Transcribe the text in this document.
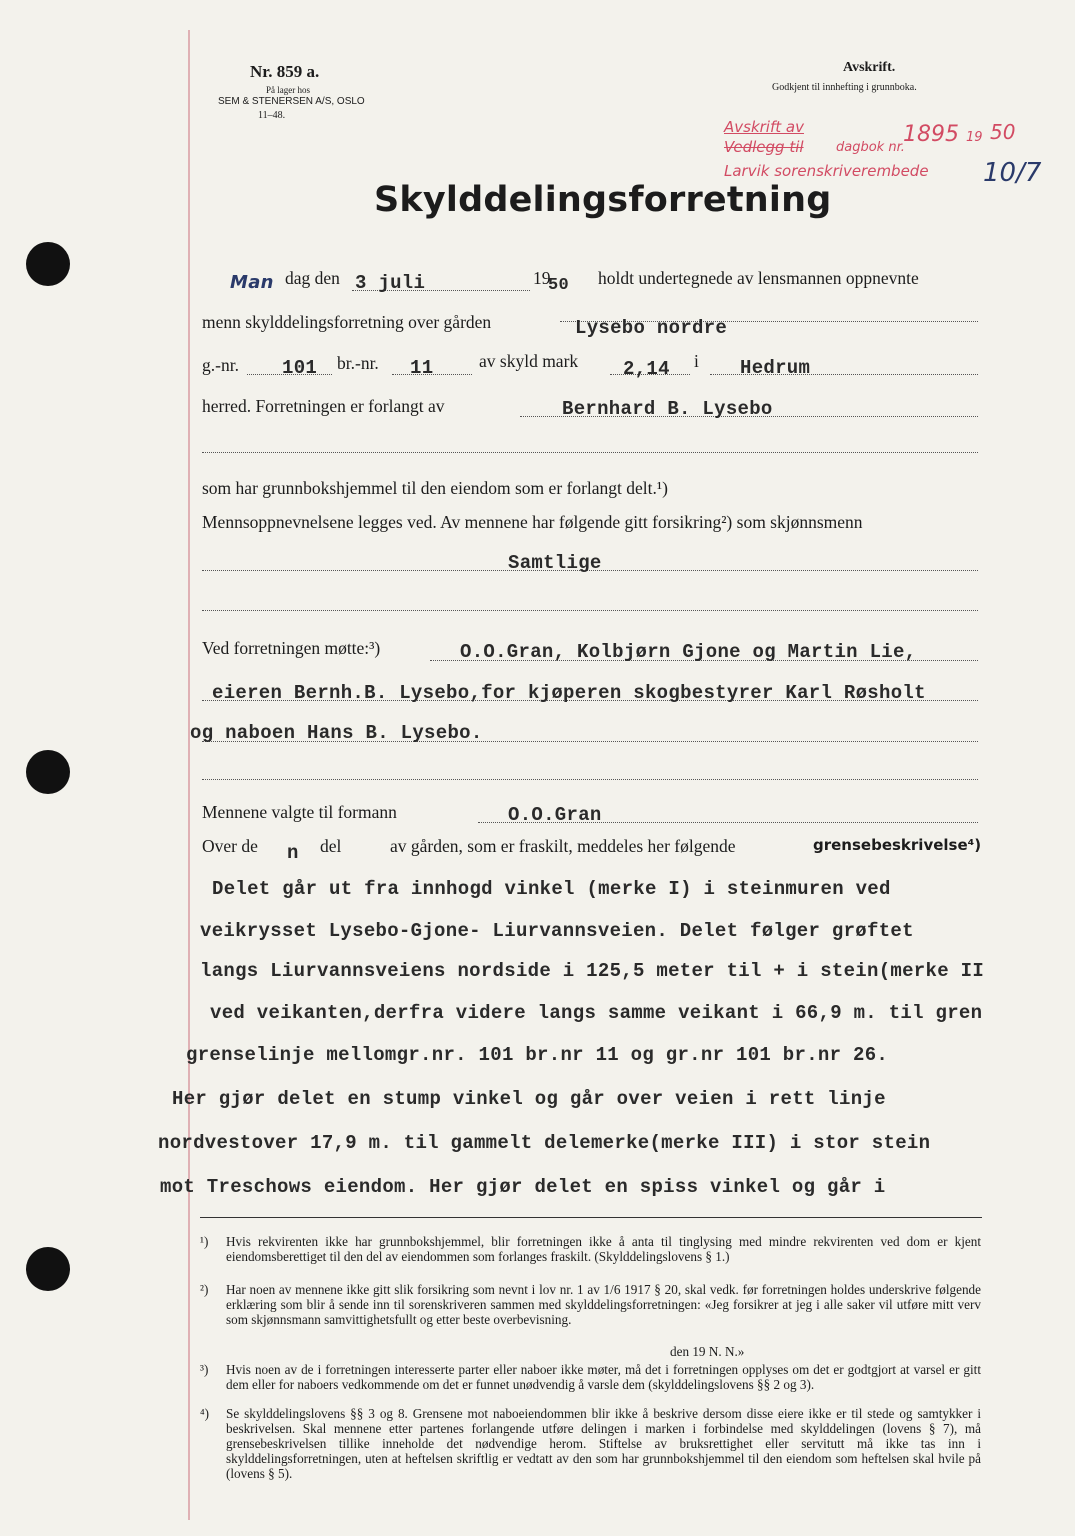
Nr. 859 a.
På lager hos
SEM & STENERSEN A/S, OSLO
11–48.
Avskrift.
Godkjent til innhefting i grunnboka.
Avskrift av
Vedlegg til
Larvik sorenskriverembede
dagbok nr.
1895 19 50
10/7
Skylddelingsforretning
Man dag den 3 juli	19
50 holdt undertegnede av lensmannen oppnevnte
menn skylddelingsforretning over gården	Lysebo nordre
g.-nr. 101 br.-nr. 11	av skyld mark 2,14 i Hedrum
herred. Forretningen er forlangt av	Bernhard B. Lysebo
som har grunnbokshjemmel til den eiendom som er forlangt delt.¹)
Mennsoppnevnelsene legges ved. Av mennene har følgende gitt forsikring²) som skjønnsmenn
Samtlige
Ved forretningen møtte:³)	O.O.Gran, Kolbjørn Gjone og Martin Lie,
eieren Bernh.B. Lysebo,for kjøperen skogbestyrer Karl Røsholt
og naboen Hans B. Lysebo.
Mennene valgte til formann	O.O.Gran
Over de n del	av gården, som er fraskilt, meddeles her følgende	grensebeskrivelse⁴)
Delet går ut fra innhogd vinkel (merke I) i steinmuren ved
veikrysset Lysebo-Gjone- Liurvannsveien. Delet følger grøftet
langs Liurvannsveiens nordside i 125,5 meter til + i stein(merke II
ved veikanten,derfra videre langs samme veikant i 66,9 m. til gren
grenselinje mellomgr.nr. 101 br.nr 11 og gr.nr 101 br.nr 26.
Her gjør delet en stump vinkel og går over veien i rett linje
nordvestover 17,9 m. til gammelt delemerke(merke III) i stor stein
mot Treschows eiendom. Her gjør delet en spiss vinkel og går i
¹)	Hvis rekvirenten ikke har grunnbokshjemmel, blir forretningen ikke å anta til tinglysing med mindre rekvirenten ved dom er kjent eiendomsberettiget til den del av eiendommen som forlanges fraskilt. (Skylddelingslovens § 1.)
²)	Har noen av mennene ikke gitt slik forsikring som nevnt i lov nr. 1 av 1/6 1917 § 20, skal vedk. før forretningen holdes underskrive følgende erklæring som blir å sende inn til sorenskriveren sammen med skylddelingsforretningen: «Jeg forsikrer at jeg i alle saker vil utføre mitt verv som skjønnsmann samvittighetsfullt og etter beste overbevisning.
den 19 N. N.»
³)	Hvis noen av de i forretningen interesserte parter eller naboer ikke møter, må det i forretningen opplyses om det er godtgjort at varsel er gitt dem eller for naboers vedkommende om det er funnet unødvendig å varsle dem (skylddelingslovens §§ 2 og 3).
⁴)	Se skylddelingslovens §§ 3 og 8. Grensene mot naboeiendommen blir ikke å beskrive dersom disse eiere ikke er til stede og samtykker i beskrivelsen. Skal mennene etter partenes forlangende utføre delingen i marken i forbindelse med skylddelingen (lovens § 7), må grensebeskrivelsen tillike inneholde det nødvendige herom. Stiftelse av bruksrettighet eller servitutt må ikke tas inn i skylddelingsforretningen, uten at heftelsen skriftlig er vedtatt av den som har grunnbokshjemmel til den eiendom som heftelsen skal hvile på (lovens § 5).
